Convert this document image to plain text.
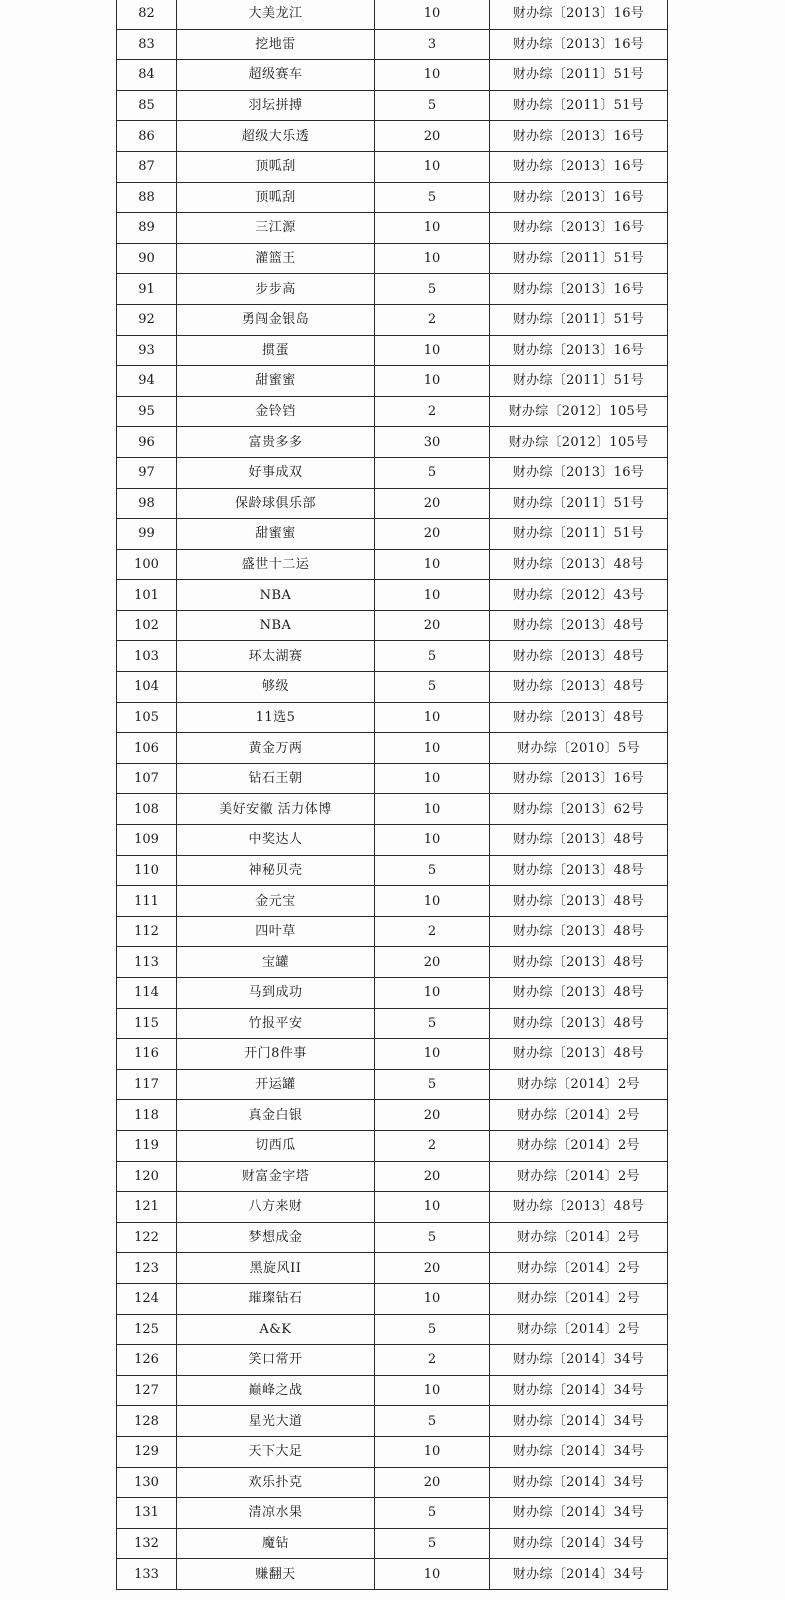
82	大美龙江	10	财办综〔2013〕16号
83	挖地雷	3	财办综〔2013〕16号
84	超级赛车	10	财办综〔2011〕51号
85	羽坛拼搏	5	财办综〔2011〕51号
86	超级大乐透	20	财办综〔2013〕16号
87	顶呱刮	10	财办综〔2013〕16号
88	顶呱刮	5	财办综〔2013〕16号
89	三江源	10	财办综〔2013〕16号
90	灌篮王	10	财办综〔2011〕51号
91	步步高	5	财办综〔2013〕16号
92	勇闯金银岛	2	财办综〔2011〕51号
93	掼蛋	10	财办综〔2013〕16号
94	甜蜜蜜	10	财办综〔2011〕51号
95	金铃铛	2	财办综〔2012〕105号
96	富贵多多	30	财办综〔2012〕105号
97	好事成双	5	财办综〔2013〕16号
98	保龄球俱乐部	20	财办综〔2011〕51号
99	甜蜜蜜	20	财办综〔2011〕51号
100	盛世十二运	10	财办综〔2013〕48号
101	NBA	10	财办综〔2012〕43号
102	NBA	20	财办综〔2013〕48号
103	环太湖赛	5	财办综〔2013〕48号
104	够级	5	财办综〔2013〕48号
105	11选5	10	财办综〔2013〕48号
106	黄金万两	10	财办综〔2010〕5号
107	钻石王朝	10	财办综〔2013〕16号
108	美好安徽 活力体博	10	财办综〔2013〕62号
109	中奖达人	10	财办综〔2013〕48号
110	神秘贝壳	5	财办综〔2013〕48号
111	金元宝	10	财办综〔2013〕48号
112	四叶草	2	财办综〔2013〕48号
113	宝罐	20	财办综〔2013〕48号
114	马到成功	10	财办综〔2013〕48号
115	竹报平安	5	财办综〔2013〕48号
116	开门8件事	10	财办综〔2013〕48号
117	开运罐	5	财办综〔2014〕2号
118	真金白银	20	财办综〔2014〕2号
119	切西瓜	2	财办综〔2014〕2号
120	财富金字塔	20	财办综〔2014〕2号
121	八方来财	10	财办综〔2013〕48号
122	梦想成金	5	财办综〔2014〕2号
123	黑旋风II	20	财办综〔2014〕2号
124	璀璨钻石	10	财办综〔2014〕2号
125	A&K	5	财办综〔2014〕2号
126	笑口常开	2	财办综〔2014〕34号
127	巅峰之战	10	财办综〔2014〕34号
128	星光大道	5	财办综〔2014〕34号
129	天下大足	10	财办综〔2014〕34号
130	欢乐扑克	20	财办综〔2014〕34号
131	清凉水果	5	财办综〔2014〕34号
132	魔钻	5	财办综〔2014〕34号
133	赚翻天	10	财办综〔2014〕34号
